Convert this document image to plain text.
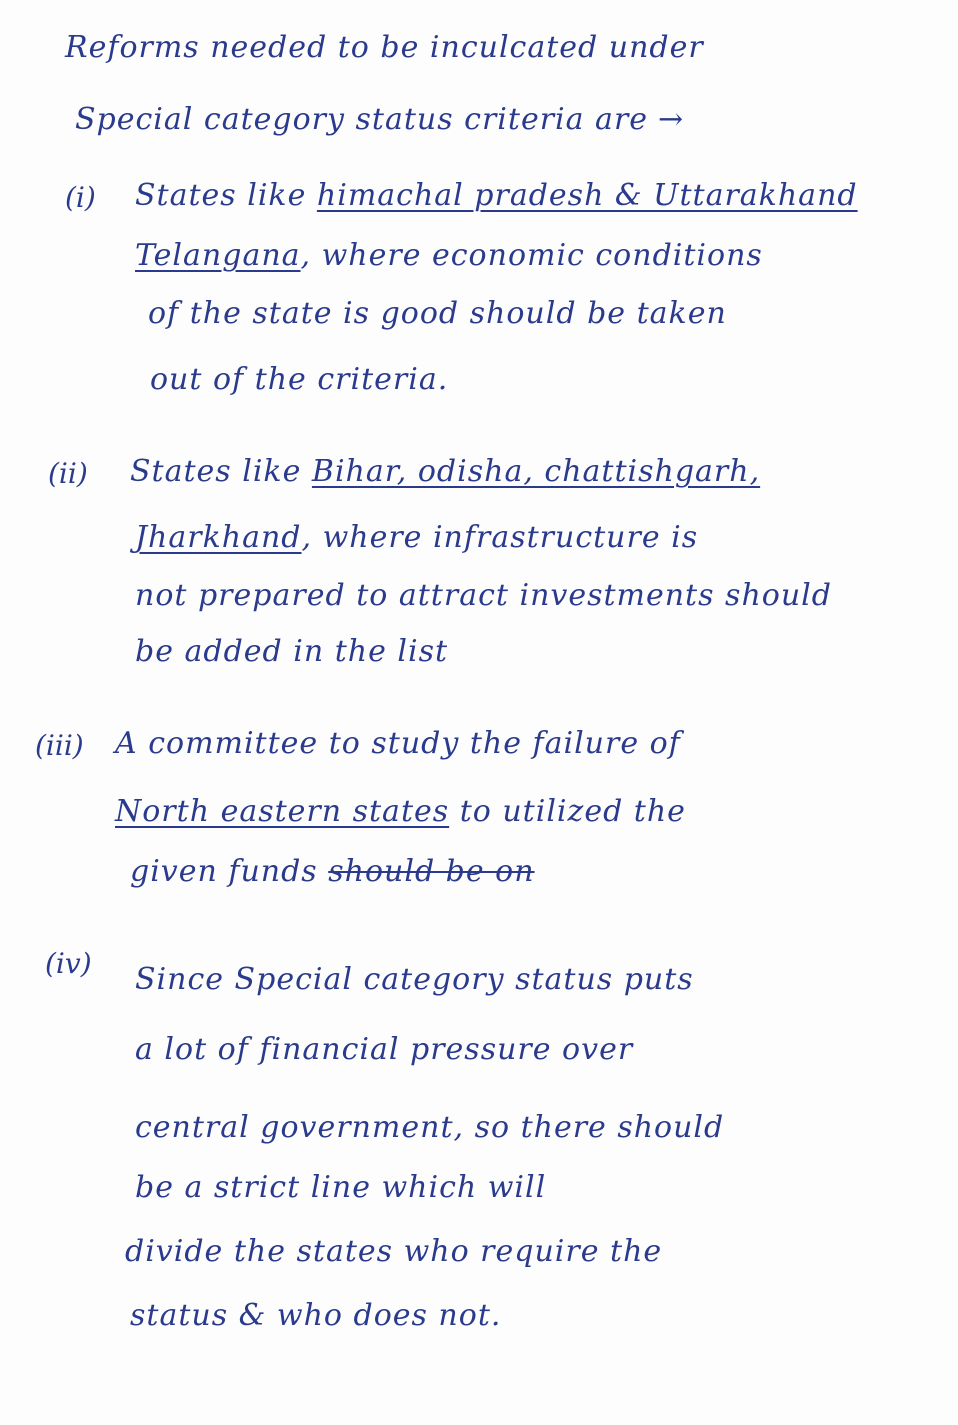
Reforms needed to be inculcated under
Special category status criteria are →
(i) States like himachal pradesh & Uttarakhand
Telangana, where economic conditions
of the state is good should be taken
out of the criteria.
(ii) States like Bihar, odisha, chattishgarh,
Jharkhand, where infrastructure is
not prepared to attract investments should
be added in the list
(iii) A committee to study the failure of
North eastern states to utilized the
given funds should be on
(iv) Since Special category status puts
a lot of financial pressure over
central government, so there should
be a strict line which will
divide the states who require the
status & who does not.
